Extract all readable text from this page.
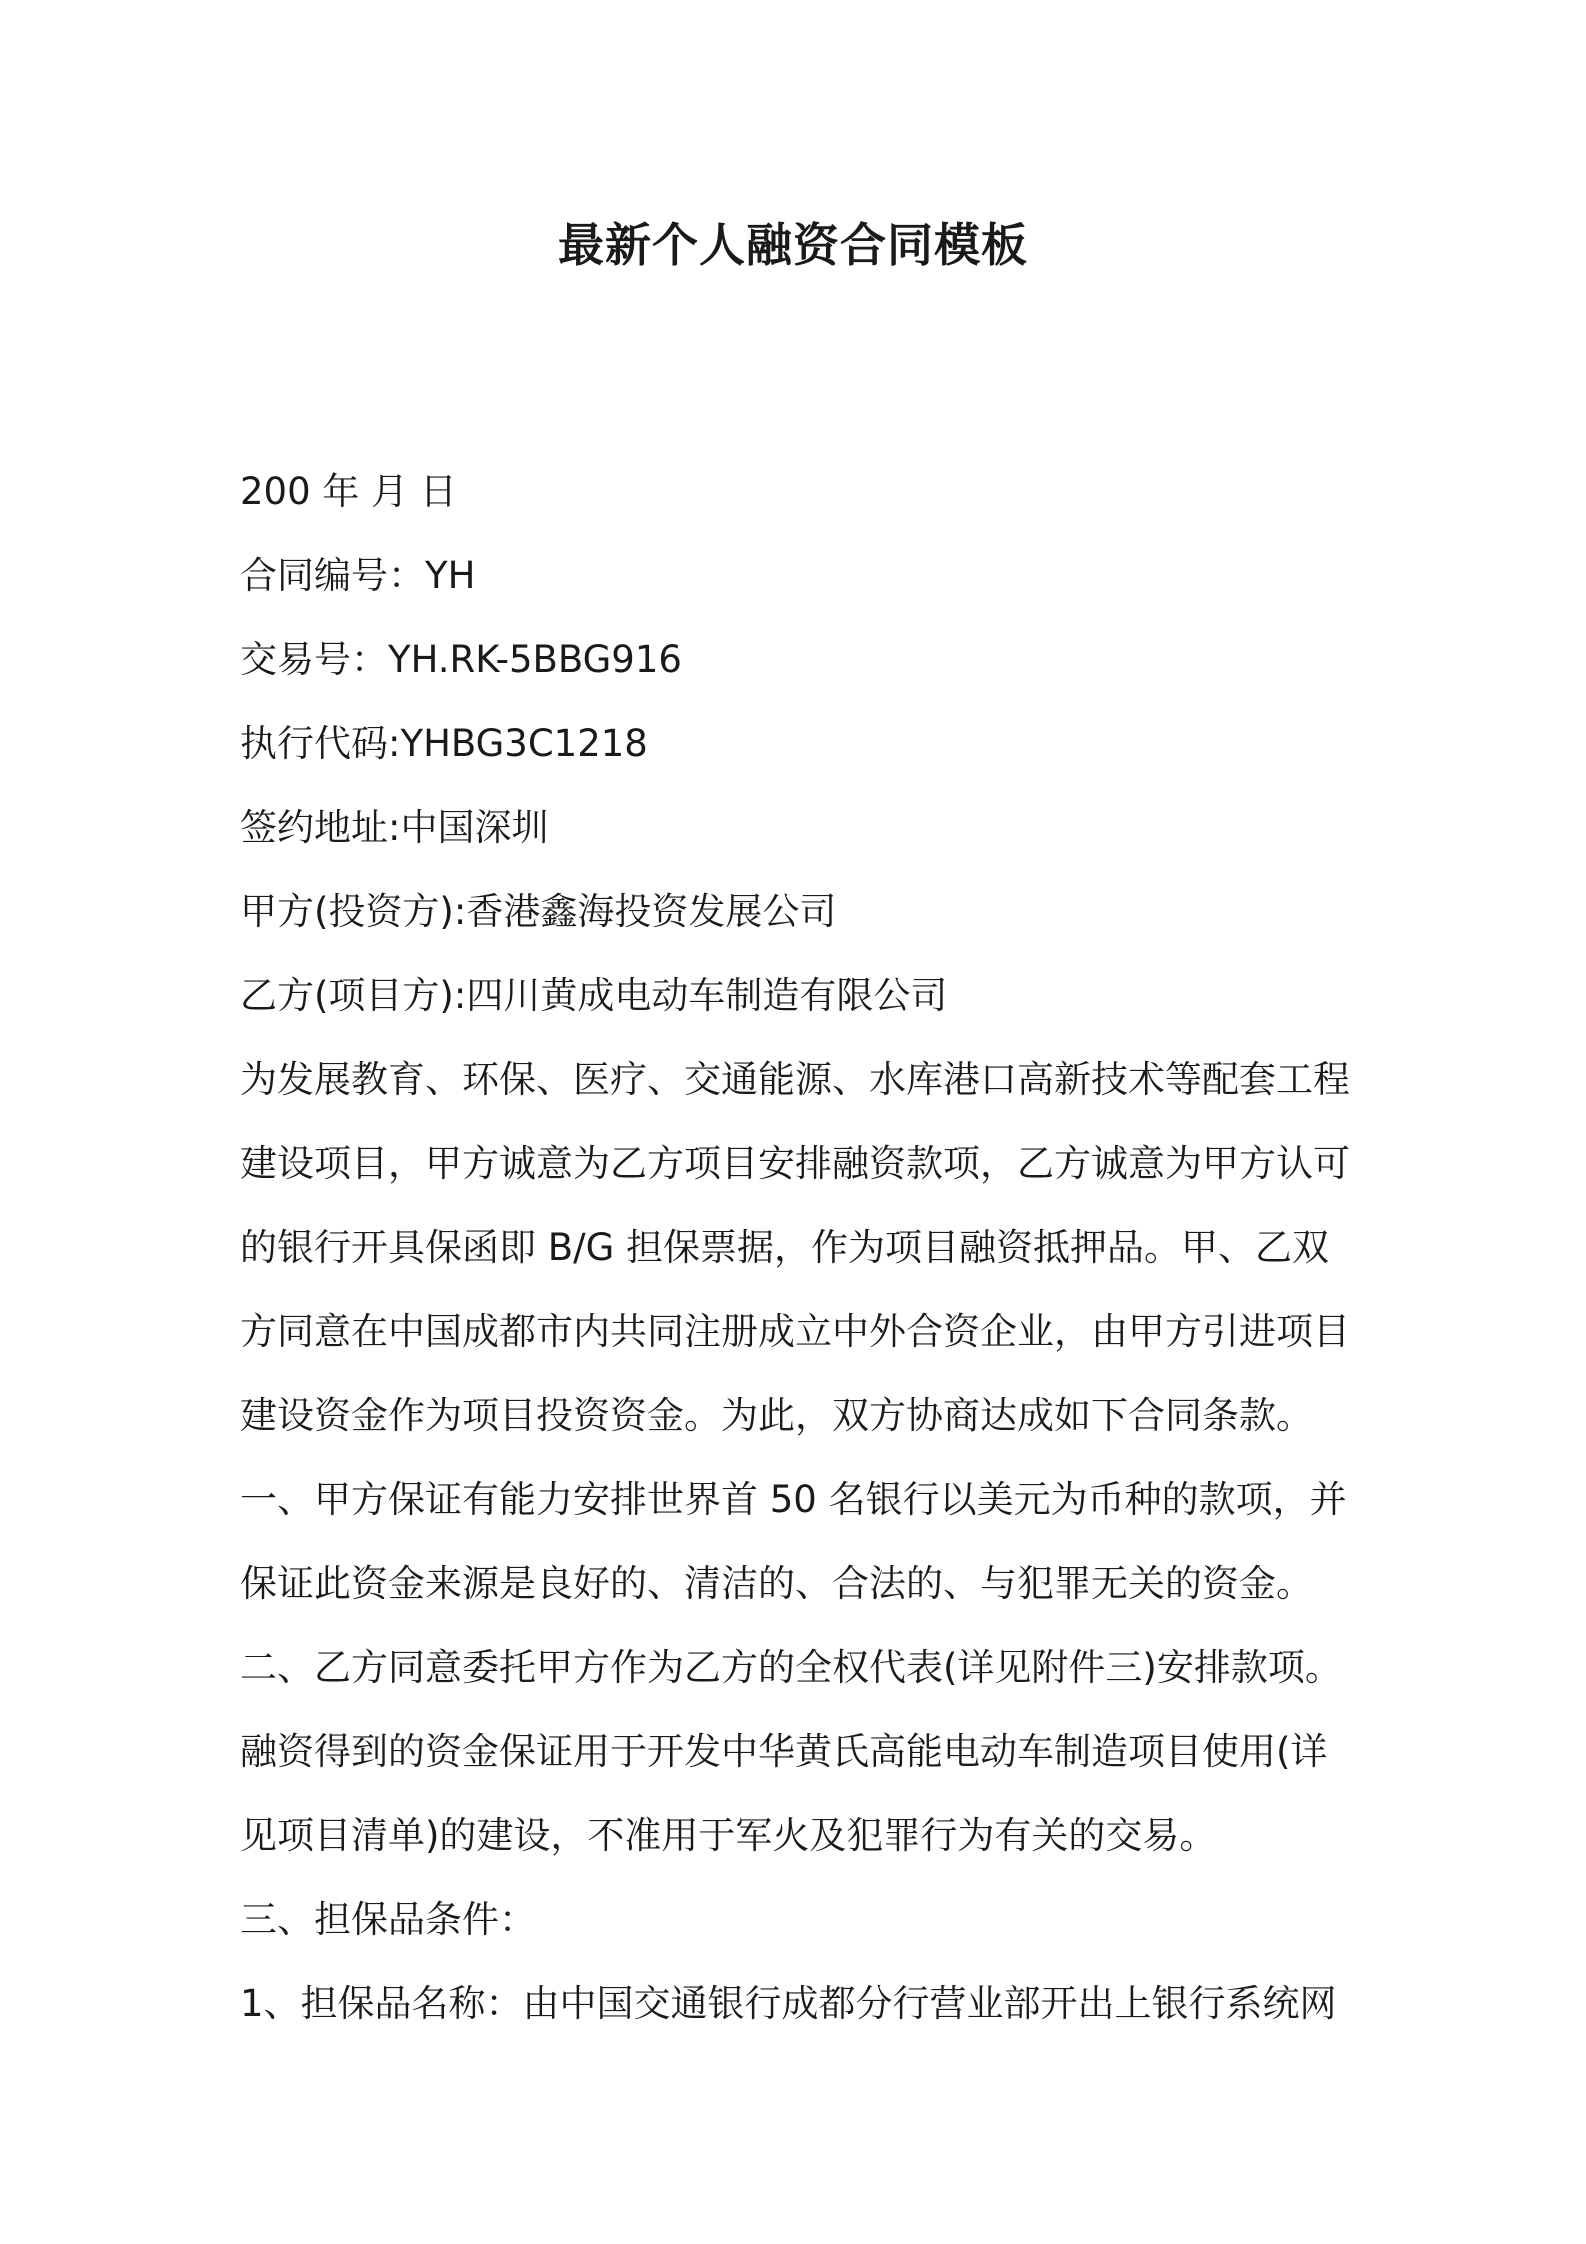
最新个人融资合同模板
200 年 月 日
合同编号：YH
交易号：YH.RK-5BBG916
执行代码:YHBG3C1218
签约地址:中国深圳
甲方(投资方):香港鑫海投资发展公司
乙方(项目方):四川黄成电动车制造有限公司
为发展教育、环保、医疗、交通能源、水库港口高新技术等配套工程
建设项目，甲方诚意为乙方项目安排融资款项，乙方诚意为甲方认可
的银行开具保函即 B/G 担保票据，作为项目融资抵押品。甲、乙双
方同意在中国成都市内共同注册成立中外合资企业，由甲方引进项目
建设资金作为项目投资资金。为此，双方协商达成如下合同条款。
一、甲方保证有能力安排世界首 50 名银行以美元为币种的款项，并
保证此资金来源是良好的、清洁的、合法的、与犯罪无关的资金。
二、乙方同意委托甲方作为乙方的全权代表(详见附件三)安排款项。
融资得到的资金保证用于开发中华黄氏高能电动车制造项目使用(详
见项目清单)的建设，不准用于军火及犯罪行为有关的交易。
三、担保品条件：
1、担保品名称：由中国交通银行成都分行营业部开出上银行系统网
